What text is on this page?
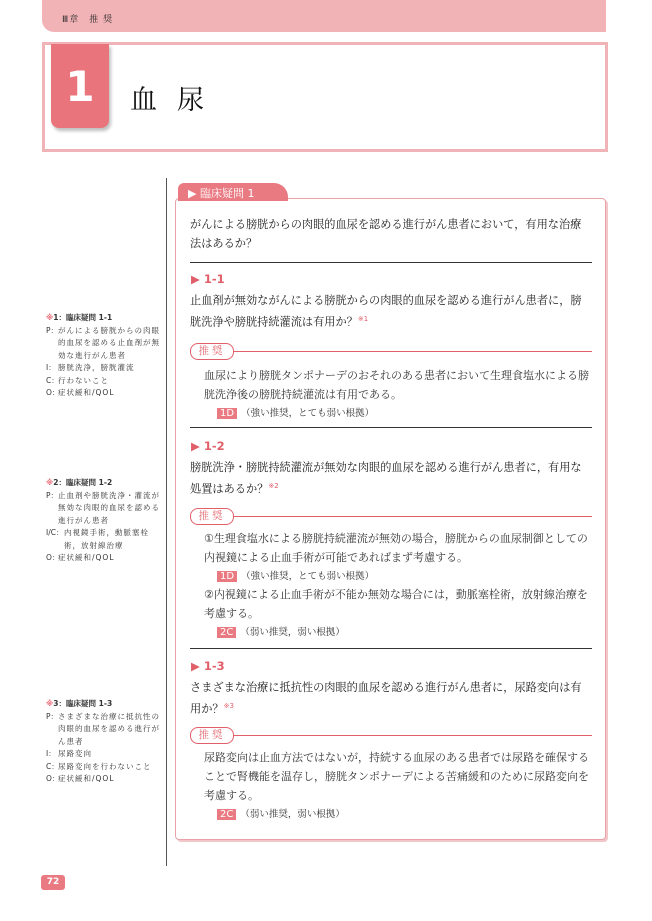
Ⅲ章　推 奨
1	血尿
※1：臨床疑問 1-1
P： がんによる膀胱からの肉眼的血尿を認める止血剤が無効な進行がん患者
I： 膀胱洗浄，膀胱灌流
C： 行わないこと
O：
症状緩和/QOL
※2：臨床疑問 1-2
P： 止血剤や膀胱洗浄・灌流が無効な肉眼的血尿を認める進行がん患者
I/C： 内視鏡手術，動脈塞栓術，放射線治療
O：
症状緩和/QOL
※3：臨床疑問 1-3
P： さまざまな治療に抵抗性の肉眼的血尿を認める進行がん患者
I： 尿路変向
C： 尿路変向を行わないこと
O：
症状緩和/QOL
▶ 臨床疑問 1
がんによる膀胱からの肉眼的血尿を認める進行がん患者において，有用な治療法はあるか？
▶ 1-1
止血剤が無効ながんによる膀胱からの肉眼的血尿を認める進行がん患者に，膀胱洗浄や膀胱持続灌流は有用か？$^{※1}$
推奨
血尿により膀胱タンポナーデのおそれのある患者において生理食塩水による膀胱洗浄後の膀胱持続灌流は有用である。
1D （強い推奨，とても弱い根拠）
▶ 1-2
膀胱洗浄・膀胱持続灌流が無効な肉眼的血尿を認める進行がん患者に，有用な処置はあるか？$^{※2}$
推奨
①生理食塩水による膀胱持続灌流が無効の場合，膀胱からの血尿制御としての内視鏡による止血手術が可能であればまず考慮する。
1D （強い推奨，とても弱い根拠）
②内視鏡による止血手術が不能か無効な場合には，動脈塞栓術，放射線治療を考慮する。
2C （弱い推奨，弱い根拠）
▶ 1-3
さまざまな治療に抵抗性の肉眼的血尿を認める進行がん患者に，尿路変向は有用か？$^{※3}$
推奨
尿路変向は止血方法ではないが，持続する血尿のある患者では尿路を確保することで腎機能を温存し，膀胱タンポナーデによる苦痛緩和のために尿路変向を考慮する。
2C （弱い推奨，弱い根拠）
72
